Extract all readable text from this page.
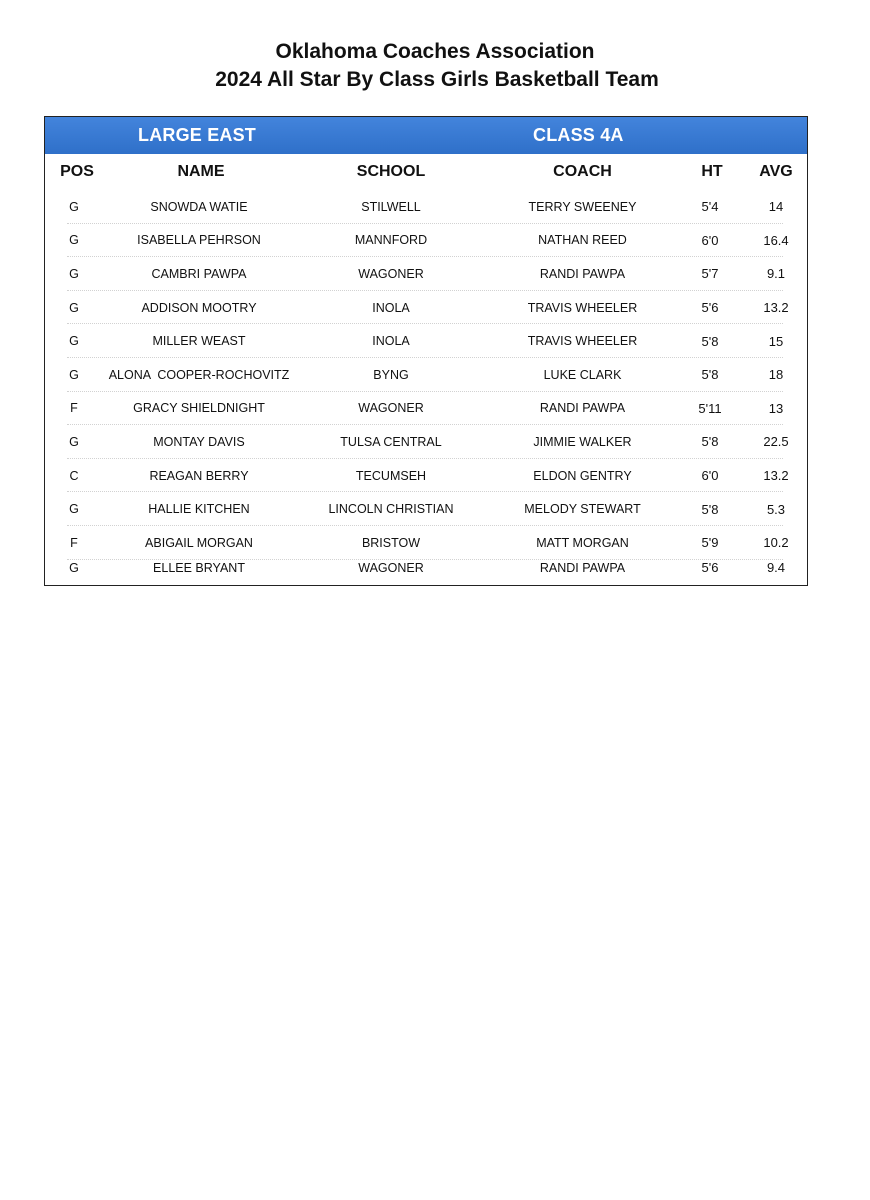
Oklahoma Coaches Association
2024 All Star By Class Girls Basketball Team
LARGE EAST	CLASS 4A
POS	NAME	SCHOOL	COACH	HT	AVG
G	SNOWDA WATIE	STILWELL	TERRY SWEENEY	5'4	14
G	ISABELLA PEHRSON	MANNFORD	NATHAN REED	6'0	16.4
G	CAMBRI PAWPA	WAGONER	RANDI PAWPA	5'7	9.1
G	ADDISON MOOTRY	INOLA	TRAVIS WHEELER	5'6	13.2
G	MILLER WEAST	INOLA	TRAVIS WHEELER	5'8	15
G	ALONA  COOPER-ROCHOVITZ	BYNG	LUKE CLARK	5'8	18
F	GRACY SHIELDNIGHT	WAGONER	RANDI PAWPA	5'11	13
G	MONTAY DAVIS	TULSA CENTRAL	JIMMIE WALKER	5'8	22.5
C	REAGAN BERRY	TECUMSEH	ELDON GENTRY	6'0	13.2
G	HALLIE KITCHEN	LINCOLN CHRISTIAN	MELODY STEWART	5'8	5.3
F	ABIGAIL MORGAN	BRISTOW	MATT MORGAN	5'9	10.2
G	ELLEE BRYANT	WAGONER	RANDI PAWPA	5'6	9.4
